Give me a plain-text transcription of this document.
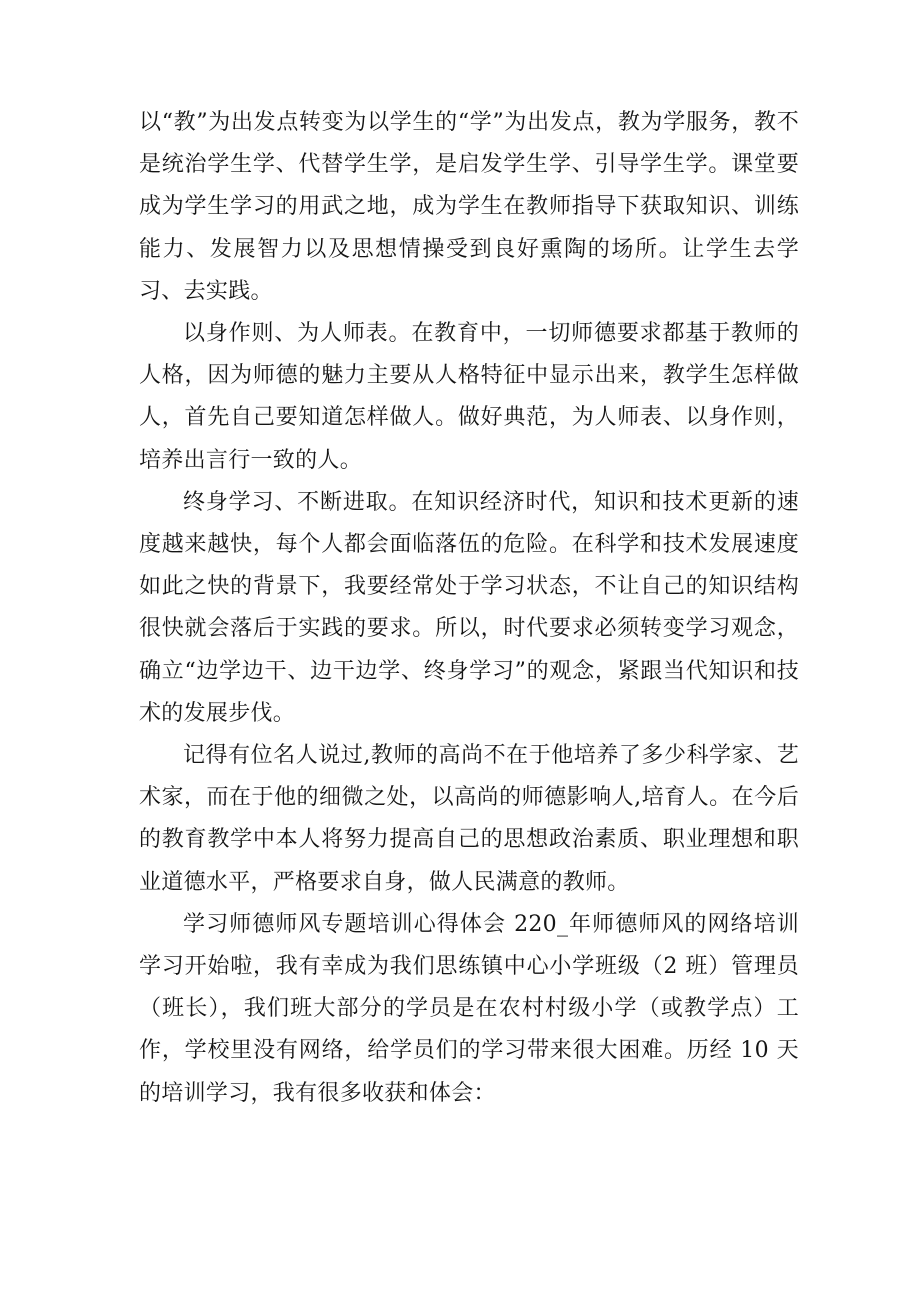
以“教”为出发点转变为以学生的“学”为出发点，教为学服务，教不是统治学生学、代替学生学，是启发学生学、引导学生学。课堂要成为学生学习的用武之地，成为学生在教师指导下获取知识、训练能力、发展智力以及思想情操受到良好熏陶的场所。让学生去学习、去实践。

以身作则、为人师表。在教育中，一切师德要求都基于教师的人格，因为师德的魅力主要从人格特征中显示出来，教学生怎样做人，首先自己要知道怎样做人。做好典范，为人师表、以身作则，培养出言行一致的人。

终身学习、不断进取。在知识经济时代，知识和技术更新的速度越来越快，每个人都会面临落伍的危险。在科学和技术发展速度如此之快的背景下，我要经常处于学习状态，不让自己的知识结构很快就会落后于实践的要求。所以，时代要求必须转变学习观念，确立“边学边干、边干边学、终身学习”的观念，紧跟当代知识和技术的发展步伐。

记得有位名人说过,教师的高尚不在于他培养了多少科学家、艺术家，而在于他的细微之处，以高尚的师德影响人,培育人。在今后的教育教学中本人将努力提高自己的思想政治素质、职业理想和职业道德水平，严格要求自身，做人民满意的教师。

学习师德师风专题培训心得体会 220_年师德师风的网络培训学习开始啦，我有幸成为我们思练镇中心小学班级（2 班）管理员（班长），我们班大部分的学员是在农村村级小学（或教学点）工作，学校里没有网络，给学员们的学习带来很大困难。历经 10 天的培训学习，我有很多收获和体会：
